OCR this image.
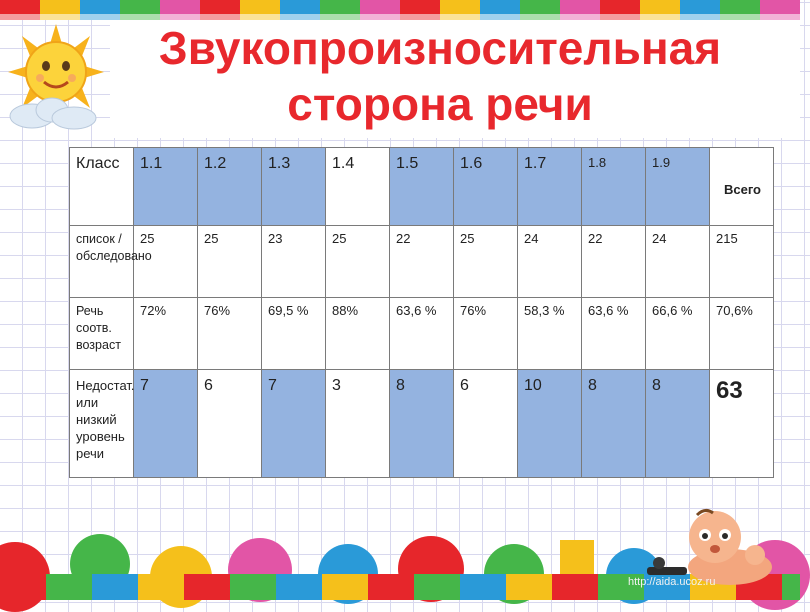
Звукопроизносительная
сторона речи
Класс	1.1	1.2	1.3	1.4	1.5	1.6	1.7	1.8	1.9	Всего
список /обследовано	25	25	23	25	22	25	24	22	24	215
Речь соотв. возраст	72%	76%	69,5 %	88%	63,6 %	76%	58,3 %	63,6 %	66,6 %	70,6%
Недостат. или низкий уровень речи	7	6	7	3	8	6	10	8	8	63
http://aida.ucoz.ru
